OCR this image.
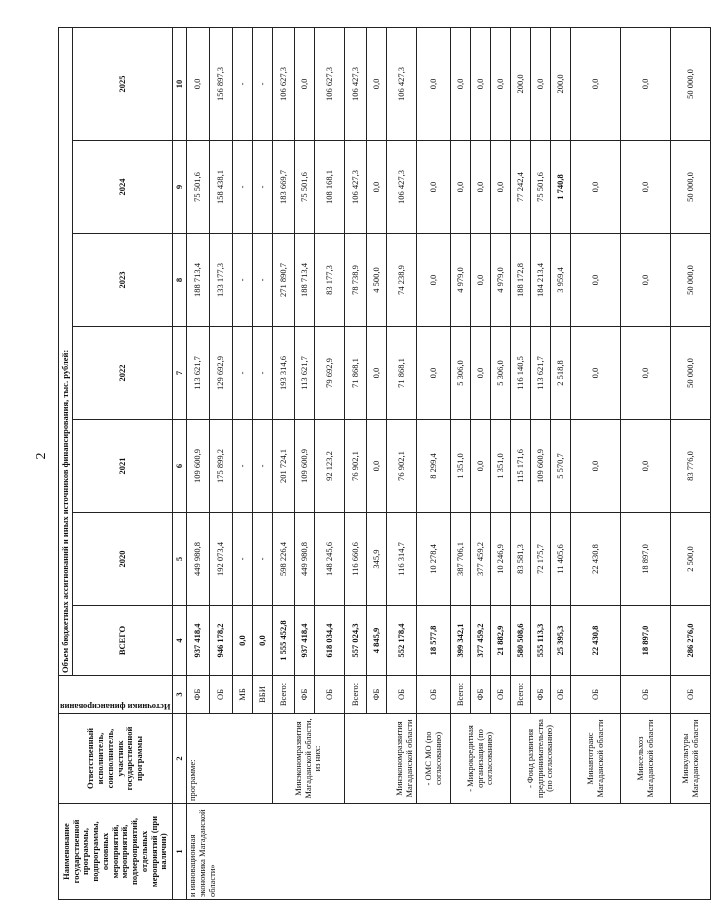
2
Наименование государственной программы, подпрограммы, основных мероприятий, мероприятий, подмероприятий, отдельных мероприятий (при наличии)	Ответственный исполнитель, соисполнитель, участник государственной программы	Источники финансирования	Объем бюджетных ассигнований и иных источников финансирования, тыс. рублей:						
			ВСЕГО	2020	2021	2022	2023	2024	2025
1	2	3	4	5	6	7	8	9	10
и инновационная экономика Магаданской области»	программе:	ФБ	937 418,4	449 980,8	109 600,9	113 621,7	188 713,4	75 501,6	0,0
		ОБ	946 178,2	192 073,4	175 899,2	129 692,9	133 177,3	158 438,1	156 897,3
		МБ	0,0	-	-	-	-	-	-
		ВБИ	0,0	-	-	-	-	-	-
	Минэкономразвития Магаданской области, из них:	Всего:	1 555 452,8	598 226,4	201 724,1	193 314,6	271 890,7	183 669,7	106 627,3
		ФБ	937 418,4	449 980,8	109 600,9	113 621,7	188 713,4	75 501,6	0,0
		ОБ	618 034,4	148 245,6	92 123,2	79 692,9	83 177,3	108 168,1	106 627,3
	Минэкономразвития Магаданской области	Всего:	557 024,3	116 660,6	76 902,1	71 868,1	78 738,9	106 427,3	106 427,3
		ФБ	4 845,9	345,9	0,0	0,0	4 500,0	0,0	0,0
		ОБ	552 178,4	116 314,7	76 902,1	71 868,1	74 238,9	106 427,3	106 427,3
	- ОМС МО (по согласованию)	ОБ	18 577,8	10 278,4	8 299,4	0,0	0,0	0,0	0,0
	- Микрокредитная организация (по согласованию)	Всего:	399 342,1	387 706,1	1 351,0	5 306,0	4 979,0	0,0	0,0
		ФБ	377 459,2	377 459,2	0,0	0,0	0,0	0,0	0,0
		ОБ	21 882,9	10 246,9	1 351,0	5 306,0	4 979,0	0,0	0,0
	- Фонд развития предпринимательства (по согласованию)	Всего:	580 508,6	83 581,3	115 171,6	116 140,5	188 172,8	77 242,4	200,0
		ФБ	555 113,3	72 175,7	109 600,9	113 621,7	184 213,4	75 501,6	0,0
		ОБ	25 395,3	11 405,6	5 570,7	2 518,8	3 959,4	1 740,8	200,0
	Минавтотранс Магаданской области	ОБ	22 430,8	22 430,8	0,0	0,0	0,0	0,0	0,0
	Минсельхоз Магаданской области	ОБ	18 897,0	18 897,0	0,0	0,0	0,0	0,0	0,0
	Минкультуры Магаданской области	ОБ	286 276,0	2 500,0	83 776,0	50 000,0	50 000,0	50 000,0	50 000,0
